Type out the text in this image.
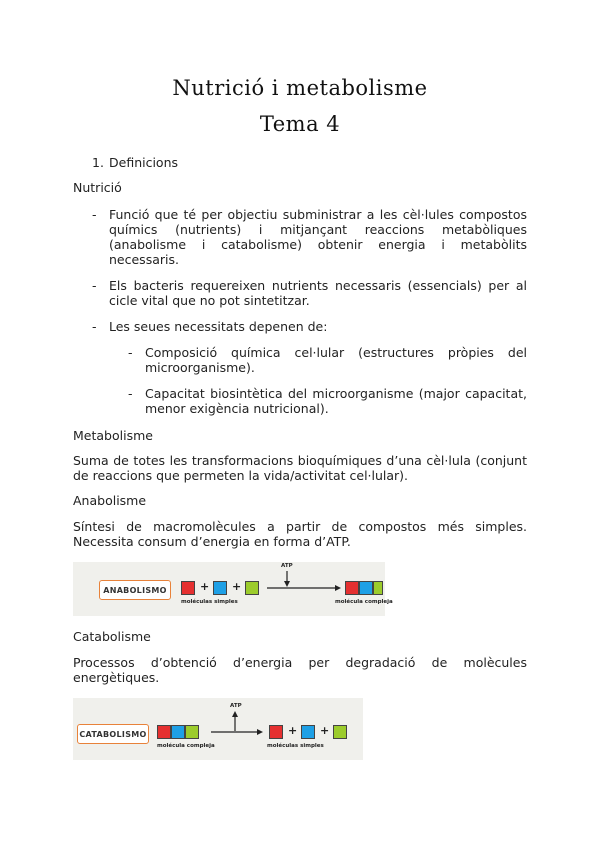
Nutrició i metabolisme
Tema 4
1. Definicions
Nutrició
- Funció que té per objectiu subministrar a les cèl·lules compostos químics (nutrients) i mitjançant reaccions metabòliques (anabolisme i catabolisme) obtenir energia i metabòlits necessaris.
- Els bacteris requereixen nutrients necessaris (essencials) per al cicle vital que no pot sintetitzar.
- Les seues necessitats depenen de:
- Composició química cel·lular (estructures pròpies del microorganisme).
- Capacitat biosintètica del microorganisme (major capacitat, menor exigència nutricional).
Metabolisme
Suma de totes les transformacions bioquímiques d’una cèl·lula (conjunt de reaccions que permeten la vida/activitat cel·lular).
Anabolisme
Síntesi de macromolècules a partir de compostos més simples. Necessita consum d’energia en forma d’ATP.
ANABOLISMO	+ +
moléculas simples
ATP
molécula compleja
Catabolisme
Processos d’obtenció d’energia per degradació de molècules energètiques.
CATABOLISMO
molécula compleja
ATP
+ +
moléculas simples
